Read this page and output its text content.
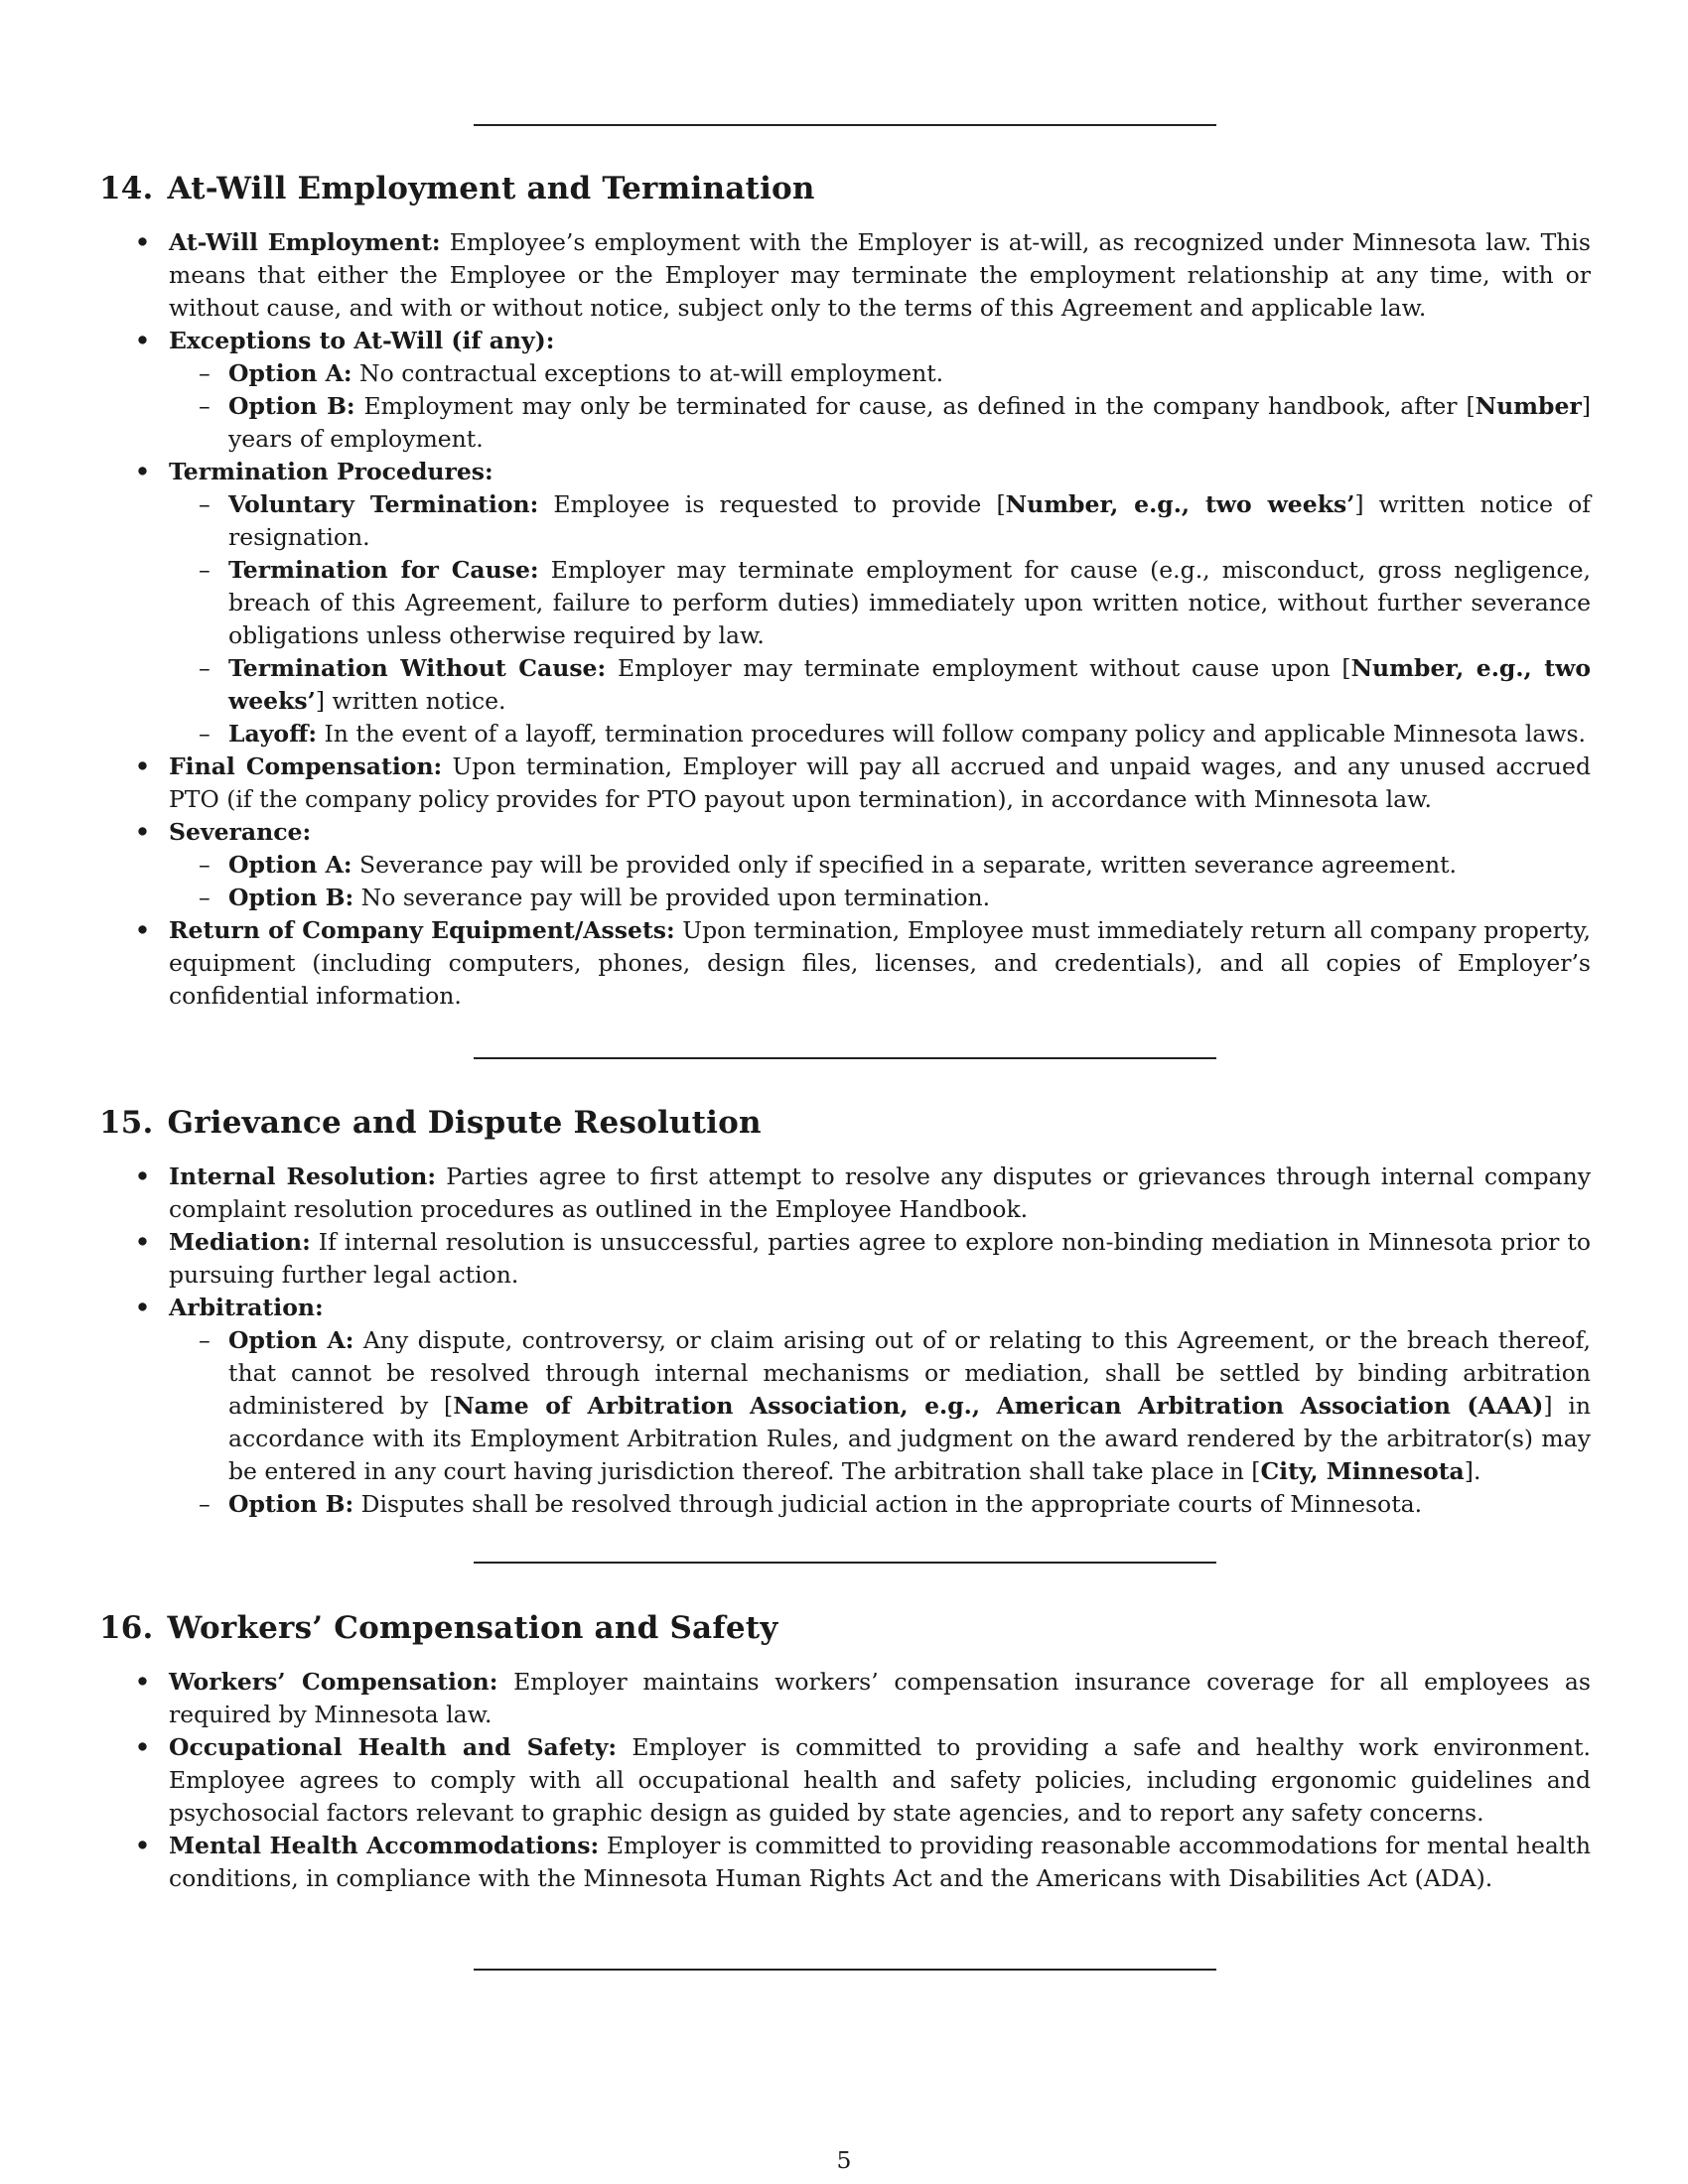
14. At-Will Employment and Termination
• At-Will Employment: Employee’s employment with the Employer is at-will, as recognized under Minnesota law. This means that either the Employee or the Employer may terminate the employment relationship at any time, with or without cause, and with or without notice, subject only to the terms of this Agreement and applicable law.
• Exceptions to At-Will (if any):
– Option A: No contractual exceptions to at-will employment.
– Option B: Employment may only be terminated for cause, as defined in the company handbook, after [Number] years of employment.
• Termination Procedures:
– Voluntary Termination: Employee is requested to provide [Number, e.g., two weeks’] written notice of resignation.
– Termination for Cause: Employer may terminate employment for cause (e.g., misconduct, gross negligence, breach of this Agreement, failure to perform duties) immediately upon written notice, without further severance obligations unless otherwise required by law.
– Termination Without Cause: Employer may terminate employment without cause upon [Number, e.g., two weeks’] written notice.
– Layoff: In the event of a layoff, termination procedures will follow company policy and applicable Minnesota laws.
• Final Compensation: Upon termination, Employer will pay all accrued and unpaid wages, and any unused accrued PTO (if the company policy provides for PTO payout upon termination), in accordance with Minnesota law.
• Severance:
– Option A: Severance pay will be provided only if specified in a separate, written severance agreement.
– Option B: No severance pay will be provided upon termination.
• Return of Company Equipment/Assets: Upon termination, Employee must immediately return all company property, equipment (including computers, phones, design files, licenses, and credentials), and all copies of Employer’s confidential information.
15. Grievance and Dispute Resolution
• Internal Resolution: Parties agree to first attempt to resolve any disputes or grievances through internal company complaint resolution procedures as outlined in the Employee Handbook.
• Mediation: If internal resolution is unsuccessful, parties agree to explore non-binding mediation in Minnesota prior to pursuing further legal action.
• Arbitration:
– Option A: Any dispute, controversy, or claim arising out of or relating to this Agreement, or the breach thereof, that cannot be resolved through internal mechanisms or mediation, shall be settled by binding arbitration administered by [Name of Arbitration Association, e.g., American Arbitration Association (AAA)] in accordance with its Employment Arbitration Rules, and judgment on the award rendered by the arbitrator(s) may be entered in any court having jurisdiction thereof. The arbitration shall take place in [City, Minnesota].
– Option B: Disputes shall be resolved through judicial action in the appropriate courts of Minnesota.
16. Workers’ Compensation and Safety
• Workers’ Compensation: Employer maintains workers’ compensation insurance coverage for all employees as required by Minnesota law.
• Occupational Health and Safety: Employer is committed to providing a safe and healthy work environment. Employee agrees to comply with all occupational health and safety policies, including ergonomic guidelines and psychosocial factors relevant to graphic design as guided by state agencies, and to report any safety concerns.
• Mental Health Accommodations: Employer is committed to providing reasonable accommodations for mental health conditions, in compliance with the Minnesota Human Rights Act and the Americans with Disabilities Act (ADA).
5
